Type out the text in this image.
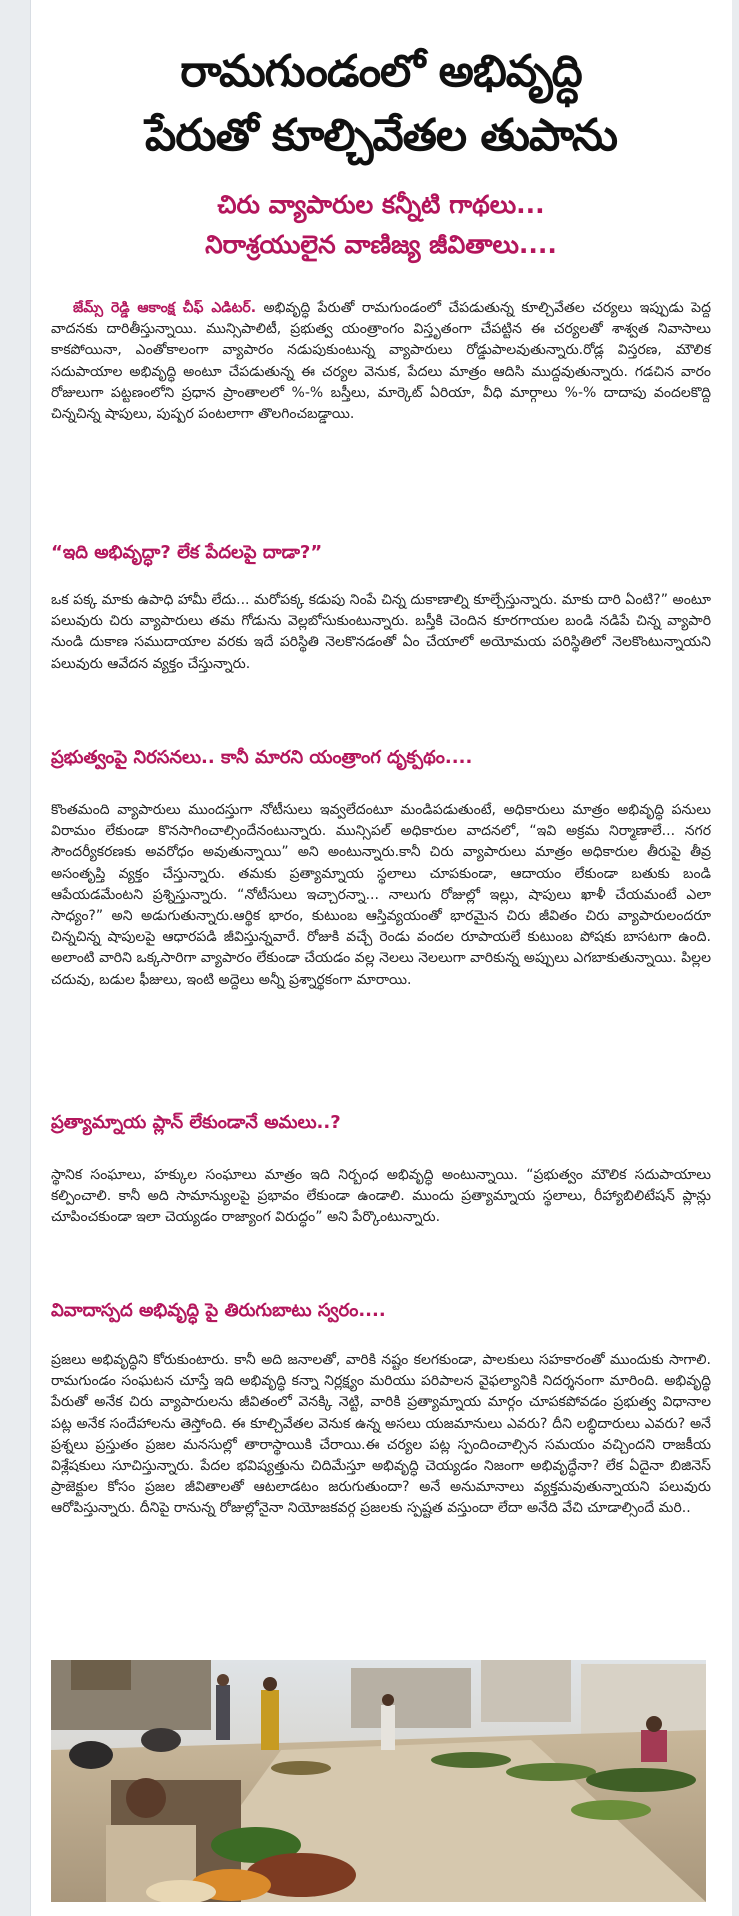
రామగుండంలో అభివృద్ధి
పేరుతో కూల్చివేతల తుపాను
చిరు వ్యాపారుల కన్నీటి గాథలు...
నిరాశ్రయులైన వాణిజ్య జీవితాలు....

జేమ్స్ రెడ్డి ఆకాంక్ష చీఫ్ ఎడిటర్. అభివృద్ధి పేరుతో రామగుండంలో చేపడుతున్న కూల్చివేతల చర్యలు ఇప్పుడు పెద్ద వాదనకు దారితీస్తున్నాయి. మున్సిపాలిటీ, ప్రభుత్వ యంత్రాంగం విస్తృతంగా చేపట్టిన ఈ చర్యలతో శాశ్వత నివాసాలు కాకపోయినా, ఎంతోకాలంగా వ్యాపారం నడుపుకుంటున్న వ్యాపారులు రోడ్డుపాలవుతున్నారు.రోడ్ల విస్తరణ, మౌలిక సదుపాయాల అభివృద్ధి అంటూ చేపడుతున్న ఈ చర్యల వెనుక, పేదలు మాత్రం ఆదిసి ముద్దవుతున్నారు. గడచిన వారం రోజులుగా పట్టణంలోని ప్రధాన ప్రాంతాలలో %-% బస్తీలు, మార్కెట్ ఏరియా, వీధి మార్గాలు %-% దాదాపు వందలకొద్ది చిన్నచిన్న షాపులు, పుష్పర పంటలాగా తొలగించబడ్డాయి.

“ఇది అభివృద్ధా? లేక పేదలపై దాడా?”

ఒక పక్క మాకు ఉపాధి హామీ లేదు... మరోపక్క కడుపు నింపే చిన్న దుకాణాల్ని కూల్చేస్తున్నారు. మాకు దారి ఏంటి?” అంటూ పలువురు చిరు వ్యాపారులు తమ గోడును వెల్లబోసుకుంటున్నారు. బస్తీకి చెందిన కూరగాయల బండి నడిపే చిన్న వ్యాపారి నుండి దుకాణ సముదాయాల వరకు ఇదే పరిస్థితి నెలకొనడంతో ఏం చేయాలో అయోమయ పరిస్థితిలో నెలకొంటున్నాయని పలువురు ఆవేదన వ్యక్తం చేస్తున్నారు.

ప్రభుత్వంపై నిరసనలు.. కానీ మారని యంత్రాంగ దృక్పథం....

కొంతమంది వ్యాపారులు ముందస్తుగా నోటీసులు ఇవ్వలేదంటూ మండిపడుతుంటే, అధికారులు మాత్రం అభివృద్ధి పనులు విరామం లేకుండా కొనసాగించాల్సిందేనంటున్నారు. మున్సిపల్ అధికారుల వాదనలో, “ఇవి అక్రమ నిర్మాణాలే... నగర సౌందర్యీకరణకు అవరోధం అవుతున్నాయి” అని అంటున్నారు.కానీ చిరు వ్యాపారులు మాత్రం అధికారుల తీరుపై తీవ్ర అసంతృప్తి వ్యక్తం చేస్తున్నారు. తమకు ప్రత్యామ్నాయ స్థలాలు చూపకుండా, ఆదాయం లేకుండా బతుకు బండి ఆపేయడమేంటని ప్రశ్నిస్తున్నారు. “నోటీసులు ఇచ్చారన్నా... నాలుగు రోజుల్లో ఇల్లు, షాపులు ఖాళీ చేయమంటే ఎలా సాధ్యం?” అని అడుగుతున్నారు.ఆర్థిక భారం, కుటుంబ ఆస్తివ్యయంతో భారమైన చిరు జీవితం చిరు వ్యాపారులందరూ చిన్నచిన్న షాపులపై ఆధారపడి జీవిస్తున్నవారే. రోజుకి వచ్చే రెండు వందల రూపాయలే కుటుంబ పోషకు బాసటగా ఉంది. అలాంటి వారిని ఒక్కసారిగా వ్యాపారం లేకుండా చేయడం వల్ల నెలలు నెలలుగా వారికున్న అప్పులు ఎగబాకుతున్నాయి. పిల్లల చదువు, బడుల ఫీజులు, ఇంటి అద్దెలు అన్నీ ప్రశ్నార్థకంగా మారాయి.

ప్రత్యామ్నాయ ప్లాన్ లేకుండానే అమలు..?

స్థానిక సంఘాలు, హక్కుల సంఘాలు మాత్రం ఇది నిర్బంధ అభివృద్ధి అంటున్నాయి. “ప్రభుత్వం మౌలిక సదుపాయాలు కల్పించాలి. కానీ అది సామాన్యులపై ప్రభావం లేకుండా ఉండాలి. ముందు ప్రత్యామ్నాయ స్థలాలు, రీహ్యాబిలిటేషన్ ప్లాన్లు చూపించకుండా ఇలా చెయ్యడం రాజ్యాంగ విరుద్ధం” అని పేర్కొంటున్నారు.

వివాదాస్పద అభివృద్ధి పై తిరుగుబాటు స్వరం....

ప్రజలు అభివృద్ధిని కోరుకుంటారు. కానీ అది జనాలతో, వారికి నష్టం కలగకుండా, పాలకులు సహకారంతో ముందుకు సాగాలి. రామగుండం సంఘటన చూస్తే ఇది అభివృద్ధి కన్నా నిర్లక్ష్యం మరియు పరిపాలన వైఫల్యానికి నిదర్శనంగా మారింది. అభివృద్ధి పేరుతో అనేక చిరు వ్యాపారులను జీవితంలో వెనక్కి నెట్టి, వారికి ప్రత్యామ్నాయ మార్గం చూపకపోవడం ప్రభుత్వ విధానాల పట్ల అనేక సందేహాలను తెస్తోంది. ఈ కూల్చివేతల వెనుక ఉన్న అసలు యజమానులు ఎవరు? దీని లబ్ధిదారులు ఎవరు? అనే ప్రశ్నలు ప్రస్తుతం ప్రజల మనసుల్లో తారాస్థాయికి చేరాయి.ఈ చర్యల పట్ల స్పందించాల్సిన సమయం వచ్చిందని రాజకీయ విశ్లేషకులు సూచిస్తున్నారు. పేదల భవిష్యత్తును చిదిమేస్తూ అభివృద్ధి చెయ్యడం నిజంగా అభివృద్ధేనా? లేక ఏదైనా బిజినెస్ ప్రాజెక్టుల కోసం ప్రజల జీవితాలతో ఆటలాడటం జరుగుతుందా? అనే అనుమానాలు వ్యక్తమవుతున్నాయని పలువురు ఆరోపిస్తున్నారు. దీనిపై రానున్న రోజుల్లోనైనా నియోజకవర్గ ప్రజలకు స్పష్టత వస్తుందా లేదా అనేది వేచి చూడాల్సిందే మరి..
